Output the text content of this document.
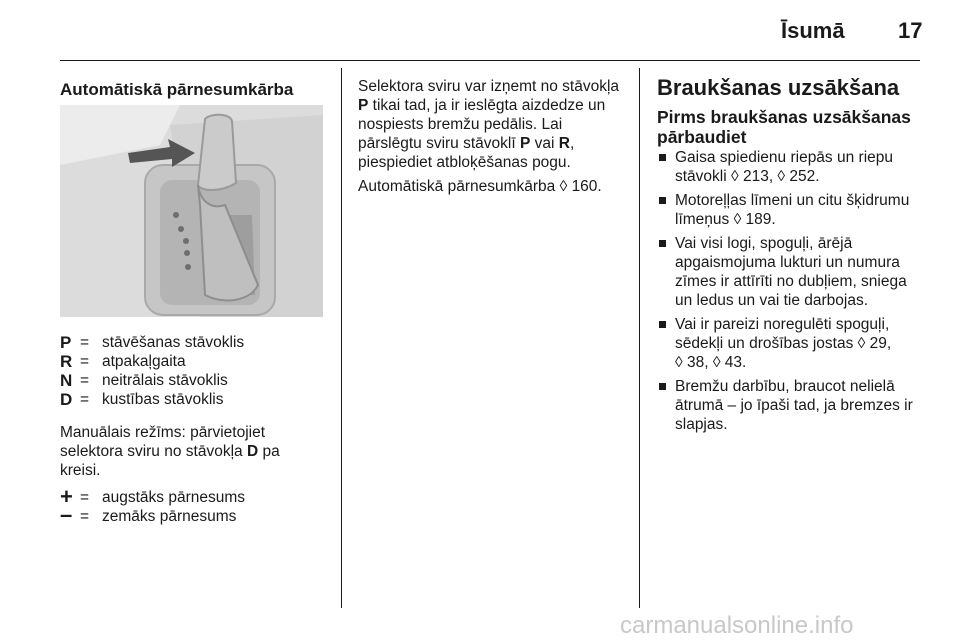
Īsumā 17

Automātiskā pārnesumkārba

P = stāvēšanas stāvoklis
R = atpakaļgaita
N = neitrālais stāvoklis
D = kustības stāvoklis

Manuālais režīms: pārvietojiet
selektora sviru no stāvokļa D pa
kreisi.

+ = augstāks pārnesums
– = zemāks pārnesums

Selektora sviru var izņemt no stāvokļa
P tikai tad, ja ir ieslēgta aizdedze un
nospiests bremžu pedālis. Lai
pārslēgtu sviru stāvoklī P vai R,
piespiediet atbloķēšanas pogu.

Automātiskā pārnesumkārba ◊ 160.

Braukšanas uzsākšana

Pirms braukšanas uzsākšanas
pārbaudiet

Gaisa spiedienu riepās un riepu
stāvokli ◊ 213, ◊ 252.
Motoreļļas līmeni un citu šķidrumu
līmeņus ◊ 189.
Vai visi logi, spoguļi, ārējā
apgaismojuma lukturi un numura
zīmes ir attīrīti no dubļiem, sniega
un ledus un vai tie darbojas.
Vai ir pareizi noregulēti spoguļi,
sēdekļi un drošības jostas ◊ 29,
◊ 38, ◊ 43.
Bremžu darbību, braucot nelielā
ātrumā – jo īpaši tad, ja bremzes ir
slapjas.
carmanualsonline.info
